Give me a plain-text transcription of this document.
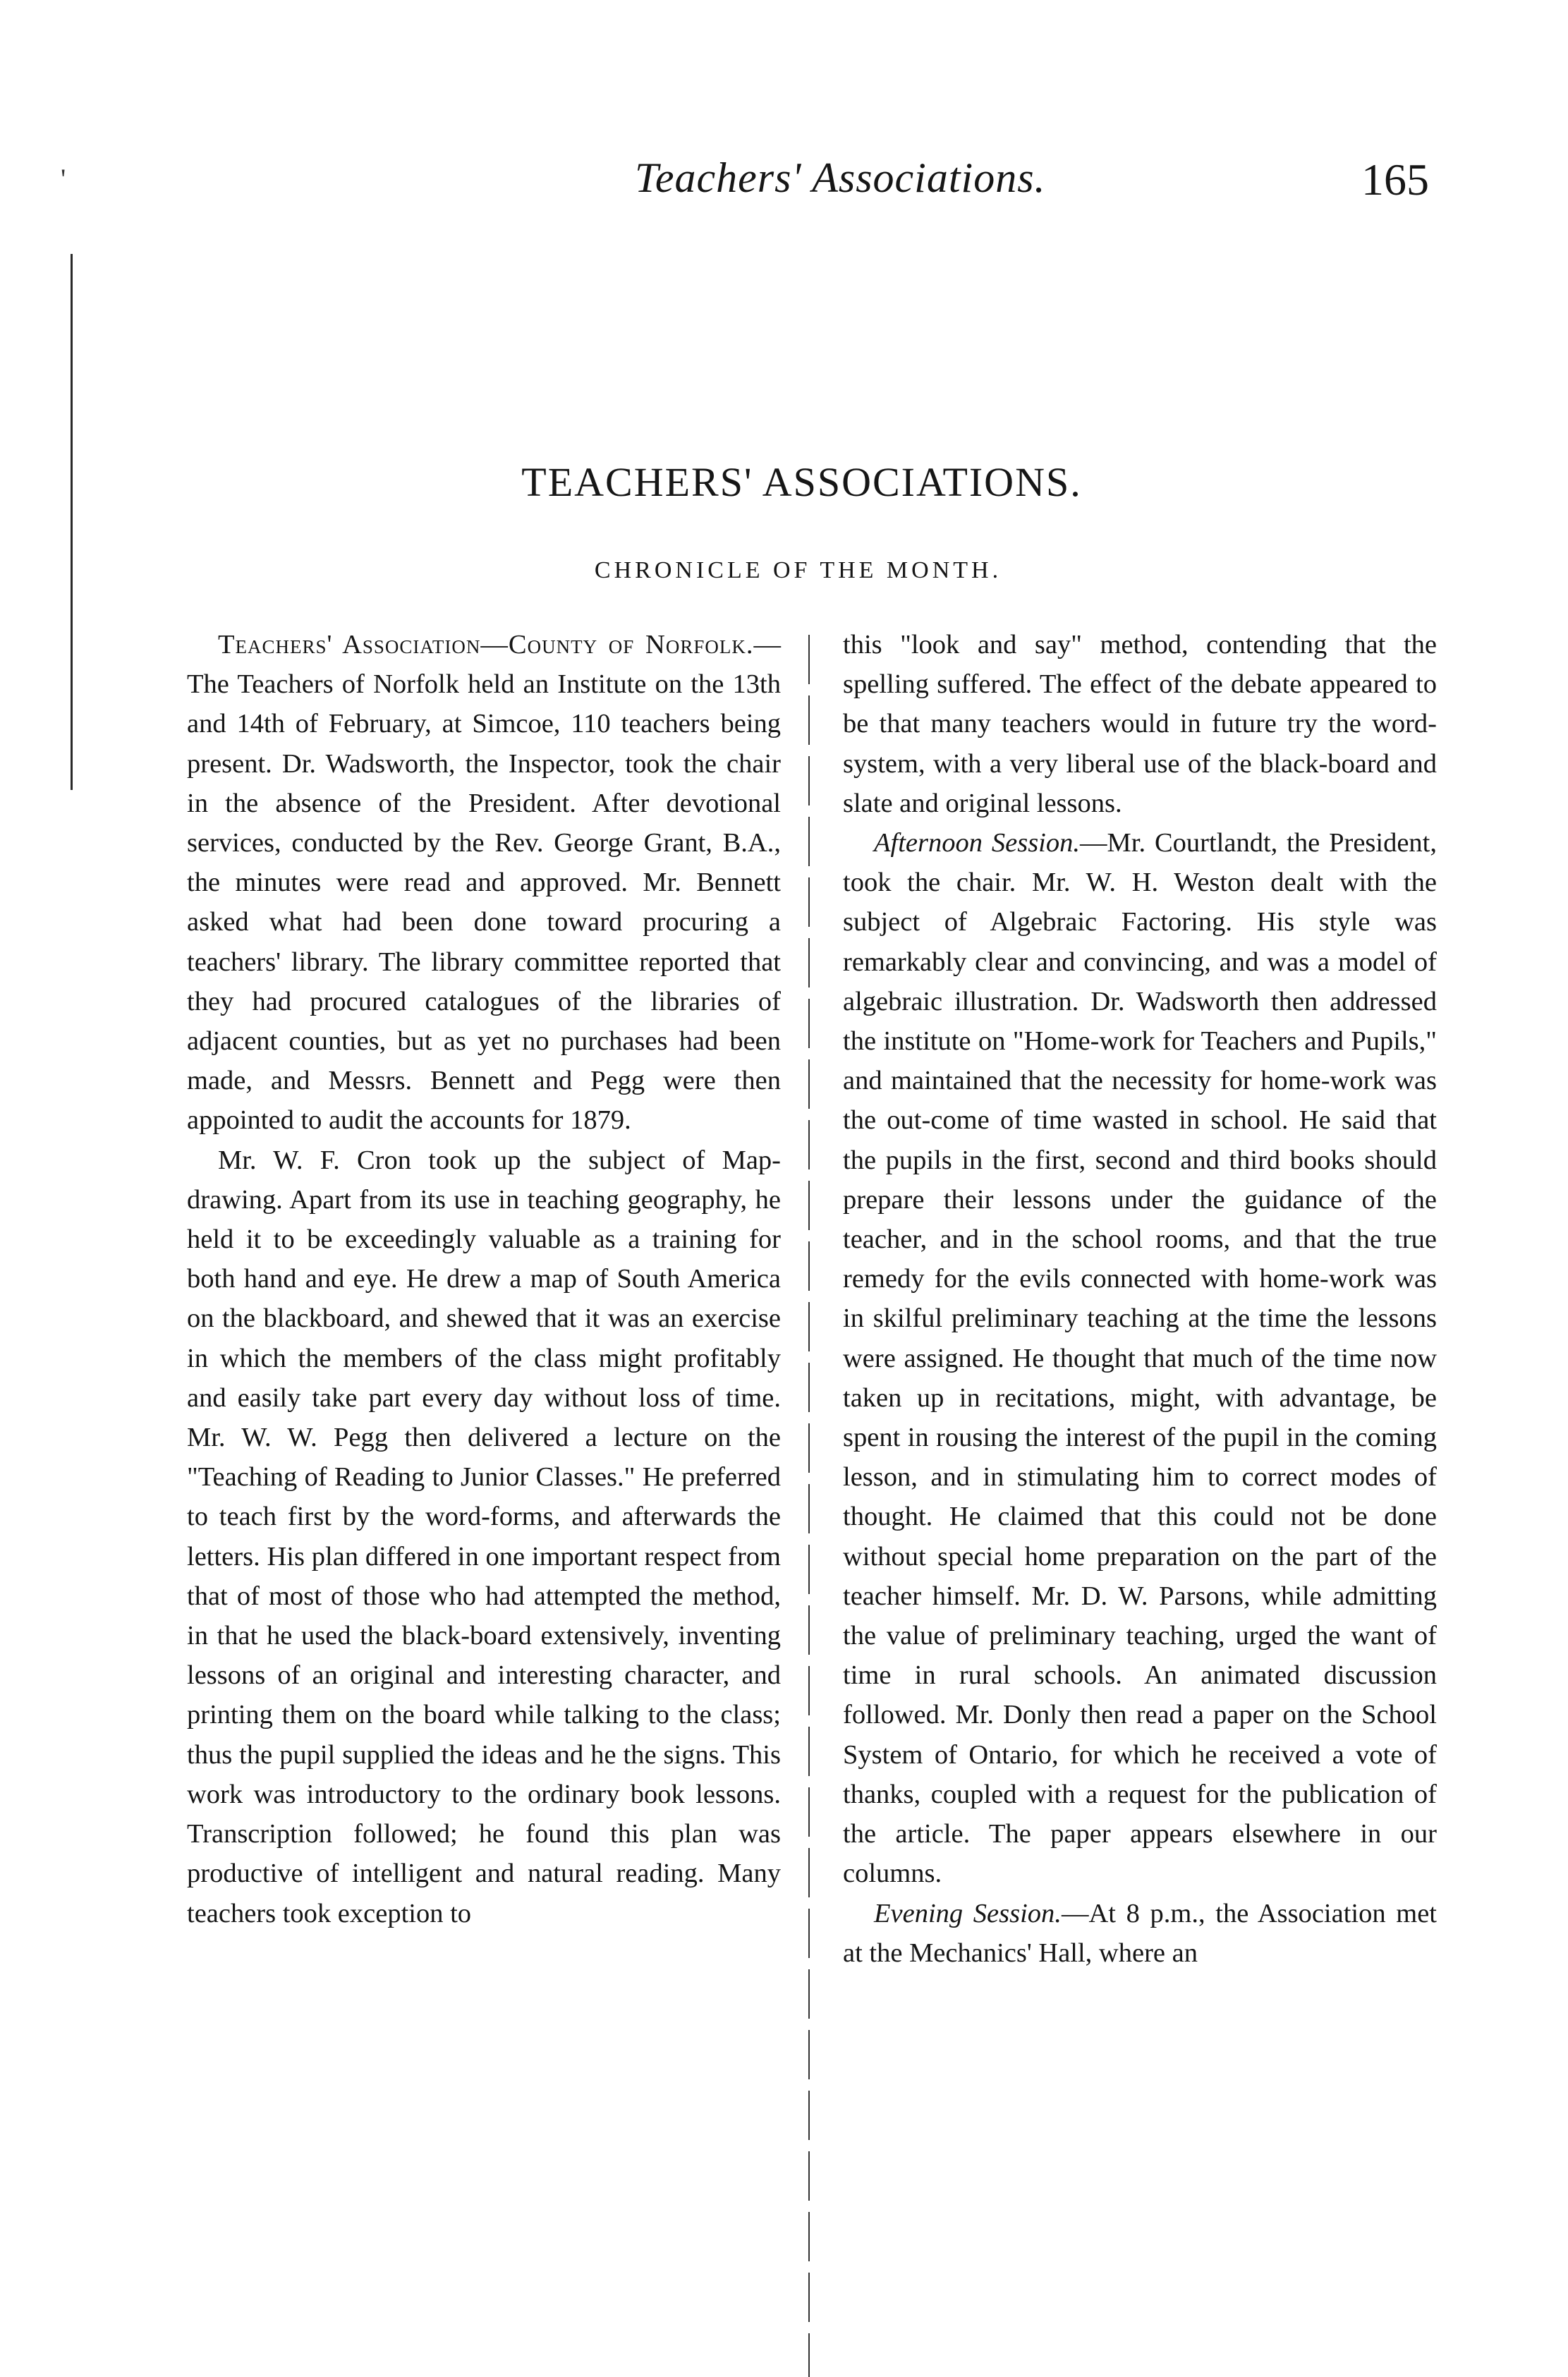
'	Teachers' Associations.	165
TEACHERS' ASSOCIATIONS.
CHRONICLE OF THE MONTH.

Teachers' Association—County of Norfolk.—The Teachers of Norfolk held an Institute on the 13th and 14th of February, at Simcoe, 110 teachers being present. Dr. Wadsworth, the Inspector, took the chair in the absence of the President. After devotional services, conducted by the Rev. George Grant, B.A., the minutes were read and approved. Mr. Bennett asked what had been done toward procuring a teachers' library. The library committee reported that they had procured catalogues of the libraries of adjacent counties, but as yet no purchases had been made, and Messrs. Bennett and Pegg were then appointed to audit the accounts for 1879.

Mr. W. F. Cron took up the subject of Map-drawing. Apart from its use in teaching geography, he held it to be exceedingly valuable as a training for both hand and eye. He drew a map of South America on the blackboard, and shewed that it was an exercise in which the members of the class might profitably and easily take part every day without loss of time. Mr. W. W. Pegg then delivered a lecture on the "Teaching of Reading to Junior Classes." He preferred to teach first by the word-forms, and afterwards the letters. His plan differed in one important respect from that of most of those who had attempted the method, in that he used the black-board extensively, inventing lessons of an original and interesting character, and printing them on the board while talking to the class; thus the pupil supplied the ideas and he the signs. This work was introductory to the ordinary book lessons. Transcription followed; he found this plan was productive of intelligent and natural reading. Many teachers took exception to

this "look and say" method, contending that the spelling suffered. The effect of the debate appeared to be that many teachers would in future try the word-system, with a very liberal use of the black-board and slate and original lessons.

Afternoon Session.—Mr. Courtlandt, the President, took the chair. Mr. W. H. Weston dealt with the subject of Algebraic Factoring. His style was remarkably clear and convincing, and was a model of algebraic illustration. Dr. Wadsworth then addressed the institute on "Home-work for Teachers and Pupils," and maintained that the necessity for home-work was the out-come of time wasted in school. He said that the pupils in the first, second and third books should prepare their lessons under the guidance of the teacher, and in the school rooms, and that the true remedy for the evils connected with home-work was in skilful preliminary teaching at the time the lessons were assigned. He thought that much of the time now taken up in recitations, might, with advantage, be spent in rousing the interest of the pupil in the coming lesson, and in stimulating him to correct modes of thought. He claimed that this could not be done without special home preparation on the part of the teacher himself. Mr. D. W. Parsons, while admitting the value of preliminary teaching, urged the want of time in rural schools. An animated discussion followed. Mr. Donly then read a paper on the School System of Ontario, for which he received a vote of thanks, coupled with a request for the publication of the article. The paper appears elsewhere in our columns.

Evening Session.—At 8 p.m., the Association met at the Mechanics' Hall, where an
